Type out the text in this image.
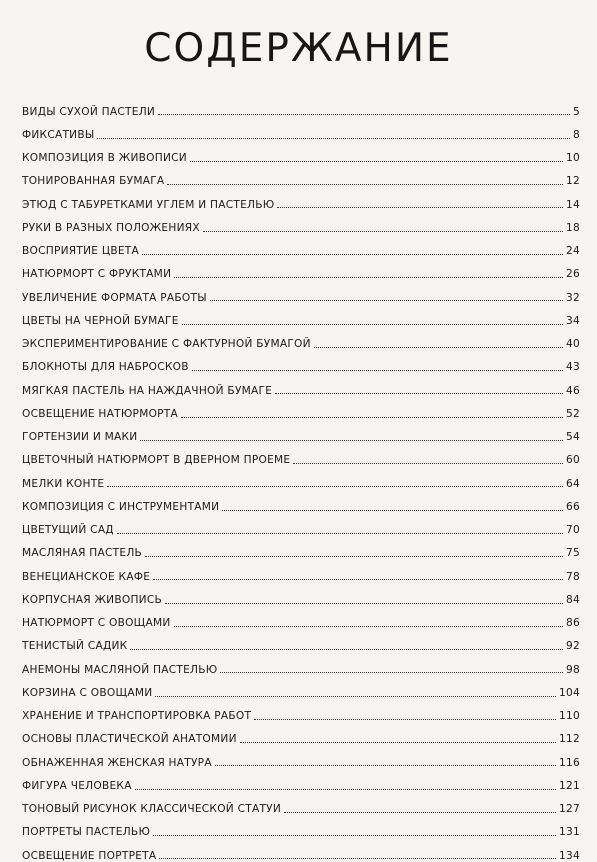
СОДЕРЖАНИЕ
ВИДЫ СУХОЙ ПАСТЕЛИ	5
ФИКСАТИВЫ	8
КОМПОЗИЦИЯ В ЖИВОПИСИ	10
ТОНИРОВАННАЯ БУМАГА	12
ЭТЮД С ТАБУРЕТКАМИ УГЛЕМ И ПАСТЕЛЬЮ	14
РУКИ В РАЗНЫХ ПОЛОЖЕНИЯХ	18
ВОСПРИЯТИЕ ЦВЕТА	24
НАТЮРМОРТ С ФРУКТАМИ	26
УВЕЛИЧЕНИЕ ФОРМАТА РАБОТЫ	32
ЦВЕТЫ НА ЧЕРНОЙ БУМАГЕ	34
ЭКСПЕРИМЕНТИРОВАНИЕ С ФАКТУРНОЙ БУМАГОЙ	40
БЛОКНОТЫ ДЛЯ НАБРОСКОВ	43
МЯГКАЯ ПАСТЕЛЬ НА НАЖДАЧНОЙ БУМАГЕ	46
ОСВЕЩЕНИЕ НАТЮРМОРТА	52
ГОРТЕНЗИИ И МАКИ	54
ЦВЕТОЧНЫЙ НАТЮРМОРТ В ДВЕРНОМ ПРОЕМЕ	60
МЕЛКИ КОНТЕ	64
КОМПОЗИЦИЯ С ИНСТРУМЕНТАМИ	66
ЦВЕТУЩИЙ САД	70
МАСЛЯНАЯ ПАСТЕЛЬ	75
ВЕНЕЦИАНСКОЕ КАФЕ	78
КОРПУСНАЯ ЖИВОПИСЬ	84
НАТЮРМОРТ С ОВОЩАМИ	86
ТЕНИСТЫЙ САДИК	92
АНЕМОНЫ МАСЛЯНОЙ ПАСТЕЛЬЮ	98
КОРЗИНА С ОВОЩАМИ	104
ХРАНЕНИЕ И ТРАНСПОРТИРОВКА РАБОТ	110
ОСНОВЫ ПЛАСТИЧЕСКОЙ АНАТОМИИ	112
ОБНАЖЕННАЯ ЖЕНСКАЯ НАТУРА	116
ФИГУРА ЧЕЛОВЕКА	121
ТОНОВЫЙ РИСУНОК КЛАССИЧЕСКОЙ СТАТУИ	127
ПОРТРЕТЫ ПАСТЕЛЬЮ	131
ОСВЕЩЕНИЕ ПОРТРЕТА	134
